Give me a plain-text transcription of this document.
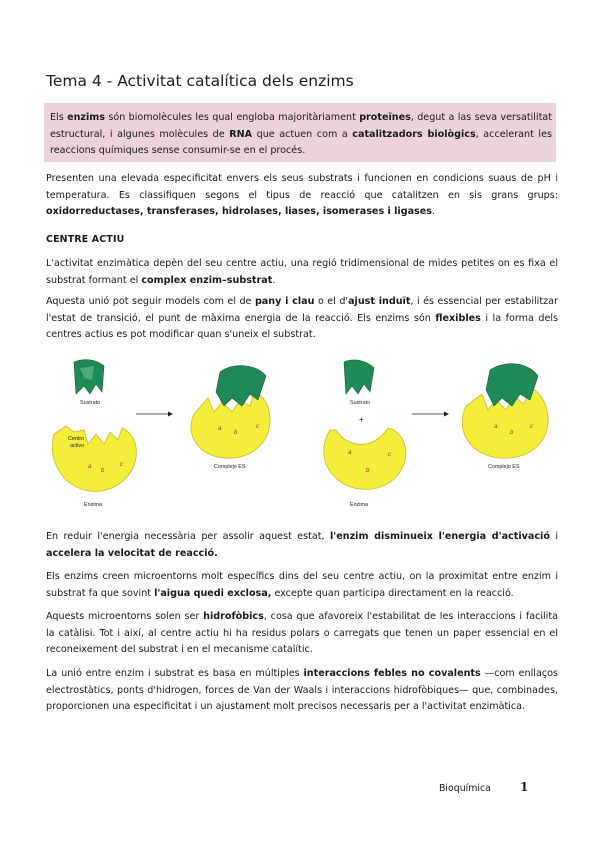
Tema 4 - Activitat catalítica dels enzims
Els enzims són biomolècules les qual engloba majoritàriament proteïnes, degut a las seva versatilitat estructural, i algunes molècules de RNA que actuen com a catalitzadors biològics, accelerant les reaccions químiques sense consumir-se en el procés.
Presenten una elevada especificitat envers els seus substrats i funcionen en condicions suaus de pH i temperatura. Es classifiquen segons el tipus de reacció que catalitzen en sis grans grups: oxidorreductases, transferases, hidrolases, liases, isomerases i ligases.
CENTRE ACTIU
L'activitat enzimàtica depèn del seu centre actiu, una regió tridimensional de mides petites on es fixa el substrat formant el complex enzim–substrat.
Aquesta unió pot seguir models com el de pany i clau o el d'ajust induït, i és essencial per estabilitzar l'estat de transició, el punt de màxima energia de la reacció. Els enzims són flexibles i la forma dels centres actius es pot modificar quan s'uneix el substrat.
Sustrato
Centro
activo
a
b
c
Enzima
a
b
c
Complejo ES
Sustrato
+
a
b
c
Enzima
a
b
c
Complejo ES
En reduir l'energia necessària per assolir aquest estat, l'enzim disminueix l'energia d'activació i accelera la velocitat de reacció.
Els enzims creen microentorns molt específics dins del seu centre actiu, on la proximitat entre enzim i substrat fa que sovint l'aigua quedi exclosa, excepte quan participa directament en la reacció.
Aquests microentorns solen ser hidrofòbics, cosa que afavoreix l'estabilitat de les interaccions i facilita la catàlisi. Tot i així, al centre actiu hi ha residus polars o carregats que tenen un paper essencial en el reconeixement del substrat i en el mecanisme catalític.
La unió entre enzim i substrat es basa en múltiples interaccions febles no covalents —com enllaços electrostàtics, ponts d'hidrogen, forces de Van der Waals i interaccions hidrofòbiques— que, combinades, proporcionen una especificitat i un ajustament molt precisos necessaris per a l'activitat enzimàtica.
Bioquímica 1
